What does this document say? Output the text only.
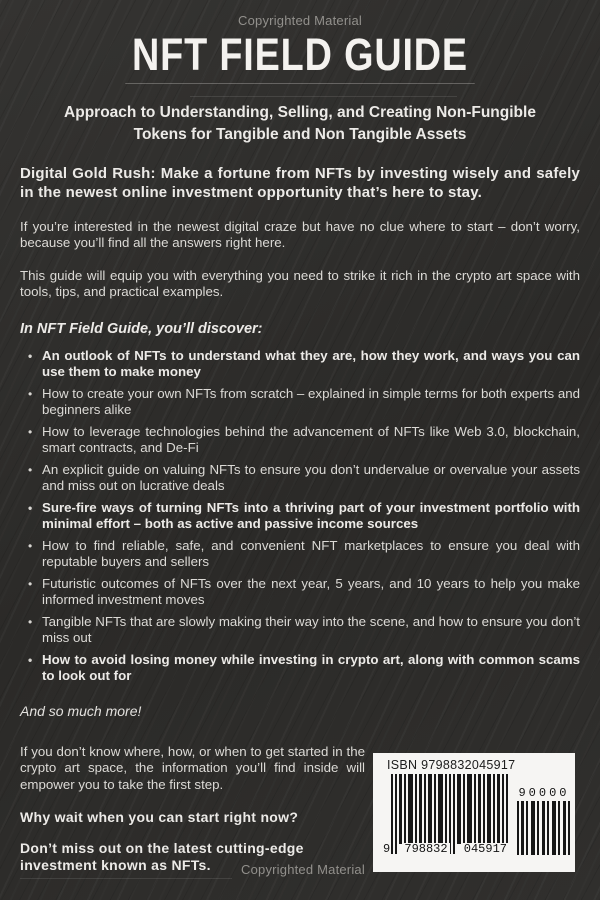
Copyrighted Material
NFT FIELD GUIDE
Approach to Understanding, Selling, and Creating Non-Fungible
Tokens for Tangible and Non Tangible Assets
Digital Gold Rush: Make a fortune from NFTs by investing wisely and safely in the newest online investment opportunity that’s here to stay.
If you’re interested in the newest digital craze but have no clue where to start – don’t worry, because you’ll find all the answers right here.
This guide will equip you with everything you need to strike it rich in the crypto art space with tools, tips, and practical examples.
In NFT Field Guide, you’ll discover:
• An outlook of NFTs to understand what they are, how they work, and ways you can use them to make money
• How to create your own NFTs from scratch – explained in simple terms for both experts and beginners alike
• How to leverage technologies behind the advancement of NFTs like Web 3.0, blockchain, smart contracts, and De-Fi
• An explicit guide on valuing NFTs to ensure you don’t undervalue or overvalue your assets and miss out on lucrative deals
• Sure-fire ways of turning NFTs into a thriving part of your investment portfolio with minimal effort – both as active and passive income sources
• How to find reliable, safe, and convenient NFT marketplaces to ensure you deal with reputable buyers and sellers
• Futuristic outcomes of NFTs over the next year, 5 years, and 10 years to help you make informed investment moves
• Tangible NFTs that are slowly making their way into the scene, and how to ensure you don’t miss out
• How to avoid losing money while investing in crypto art, along with common scams to look out for
And so much more!
If you don’t know where, how, or when to get started in the crypto art space, the information you’ll find inside will empower you to take the first step.
Why wait when you can start right now?
Don’t miss out on the latest cutting-edge investment known as NFTs.	Copyrighted Material
ISBN 9798832045917
9 798832 045917
90000
